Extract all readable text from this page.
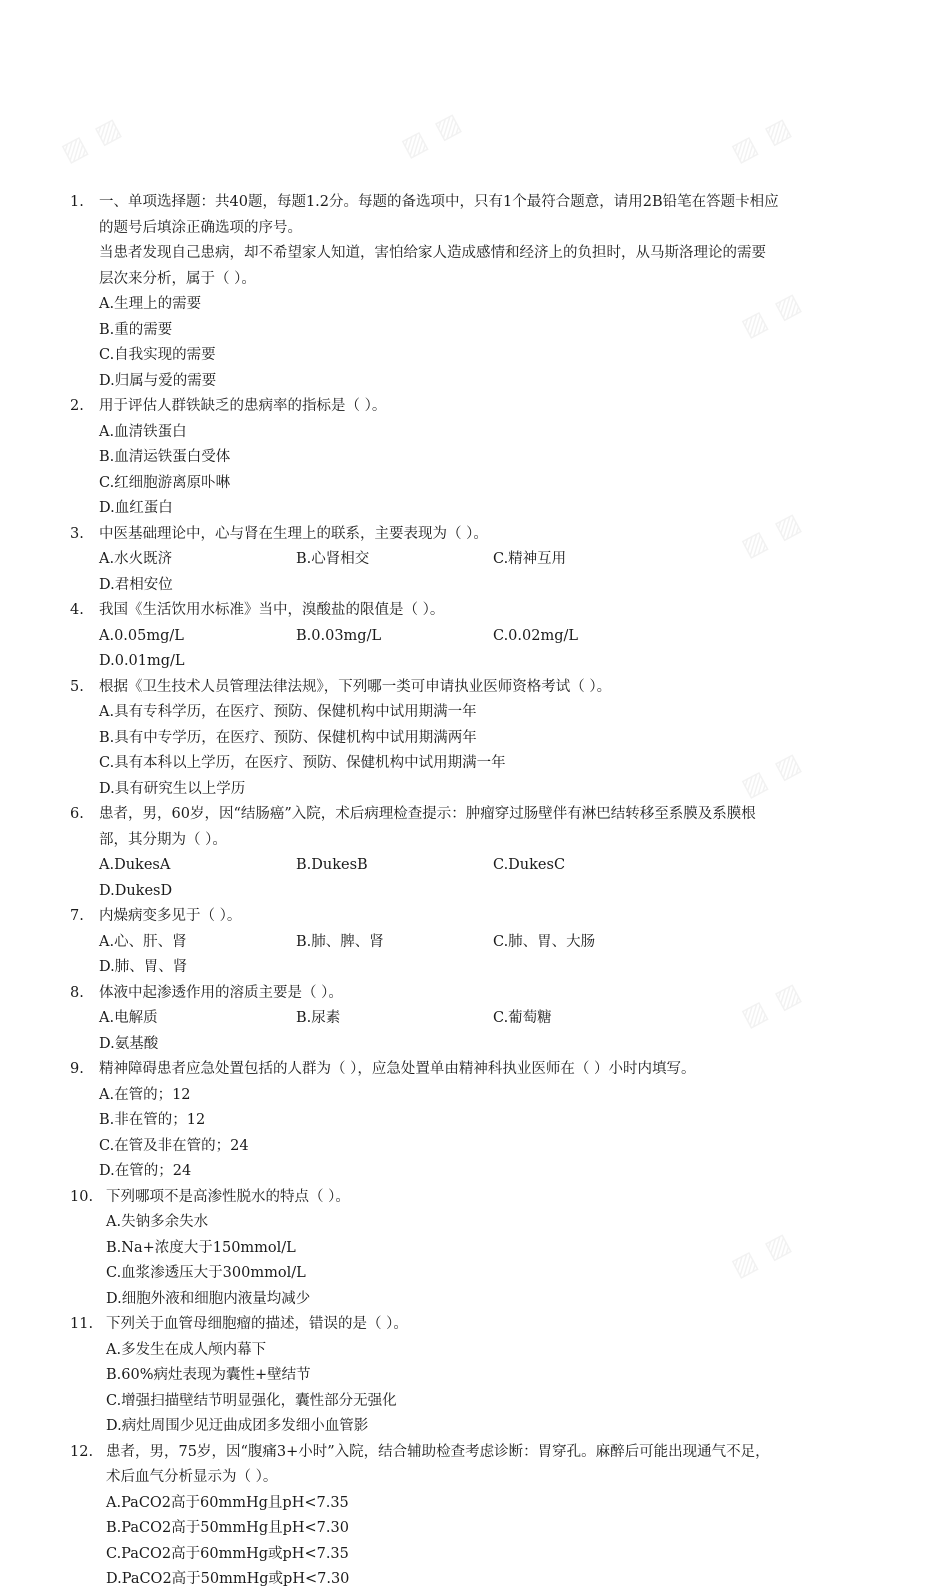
▨ ▨	▨ ▨	▨ ▨
▨ ▨
▨ ▨
▨ ▨
▨ ▨
▨ ▨
1. 一、单项选择题：共40题，每题1.2分。每题的备选项中，只有1个最符合题意，请用2B铅笔在答题卡相应
的题号后填涂正确选项的序号。
当患者发现自己患病，却不希望家人知道，害怕给家人造成感情和经济上的负担时，从马斯洛理论的需要
层次来分析，属于（ ）。
A.生理上的需要
B.重的需要
C.自我实现的需要
D.归属与爱的需要
2. 用于评估人群铁缺乏的患病率的指标是（ ）。
A.血清铁蛋白
B.血清运铁蛋白受体
C.红细胞游离原卟啉
D.血红蛋白
3. 中医基础理论中，心与肾在生理上的联系，主要表现为（ ）。
A.水火既济	B.心肾相交	C.精神互用
D.君相安位
4. 我国《生活饮用水标准》当中，溴酸盐的限值是（ ）。
A.0.05mg/L	B.0.03mg/L	C.0.02mg/L
D.0.01mg/L
5. 根据《卫生技术人员管理法律法规》，下列哪一类可申请执业医师资格考试（ ）。
A.具有专科学历，在医疗、预防、保健机构中试用期满一年
B.具有中专学历，在医疗、预防、保健机构中试用期满两年
C.具有本科以上学历，在医疗、预防、保健机构中试用期满一年
D.具有研究生以上学历
6. 患者，男，60岁，因“结肠癌”入院，术后病理检查提示：肿瘤穿过肠壁伴有淋巴结转移至系膜及系膜根
部，其分期为（ ）。
A.DukesA	B.DukesB	C.DukesC
D.DukesD
7. 内燥病变多见于（ ）。
A.心、肝、肾	B.肺、脾、肾	C.肺、胃、大肠
D.肺、胃、肾
8. 体液中起渗透作用的溶质主要是（ ）。
A.电解质	B.尿素	C.葡萄糖
D.氨基酸
9. 精神障碍患者应急处置包括的人群为（ ），应急处置单由精神科执业医师在（ ）小时内填写。
A.在管的；12
B.非在管的；12
C.在管及非在管的；24
D.在管的；24
10. 下列哪项不是高渗性脱水的特点（ ）。
A.失钠多余失水
B.Na+浓度大于150mmol/L
C.血浆渗透压大于300mmol/L
D.细胞外液和细胞内液量均减少
11. 下列关于血管母细胞瘤的描述，错误的是（ ）。
A.多发生在成人颅内幕下
B.60%病灶表现为囊性+壁结节
C.增强扫描壁结节明显强化，囊性部分无强化
D.病灶周围少见迂曲成团多发细小血管影
12. 患者，男，75岁，因“腹痛3+小时”入院，结合辅助检查考虑诊断：胃穿孔。麻醉后可能出现通气不足，
术后血气分析显示为（ ）。
A.PaCO2高于60mmHg且pH<7.35
B.PaCO2高于50mmHg且pH<7.30
C.PaCO2高于60mmHg或pH<7.35
D.PaCO2高于50mmHg或pH<7.30
